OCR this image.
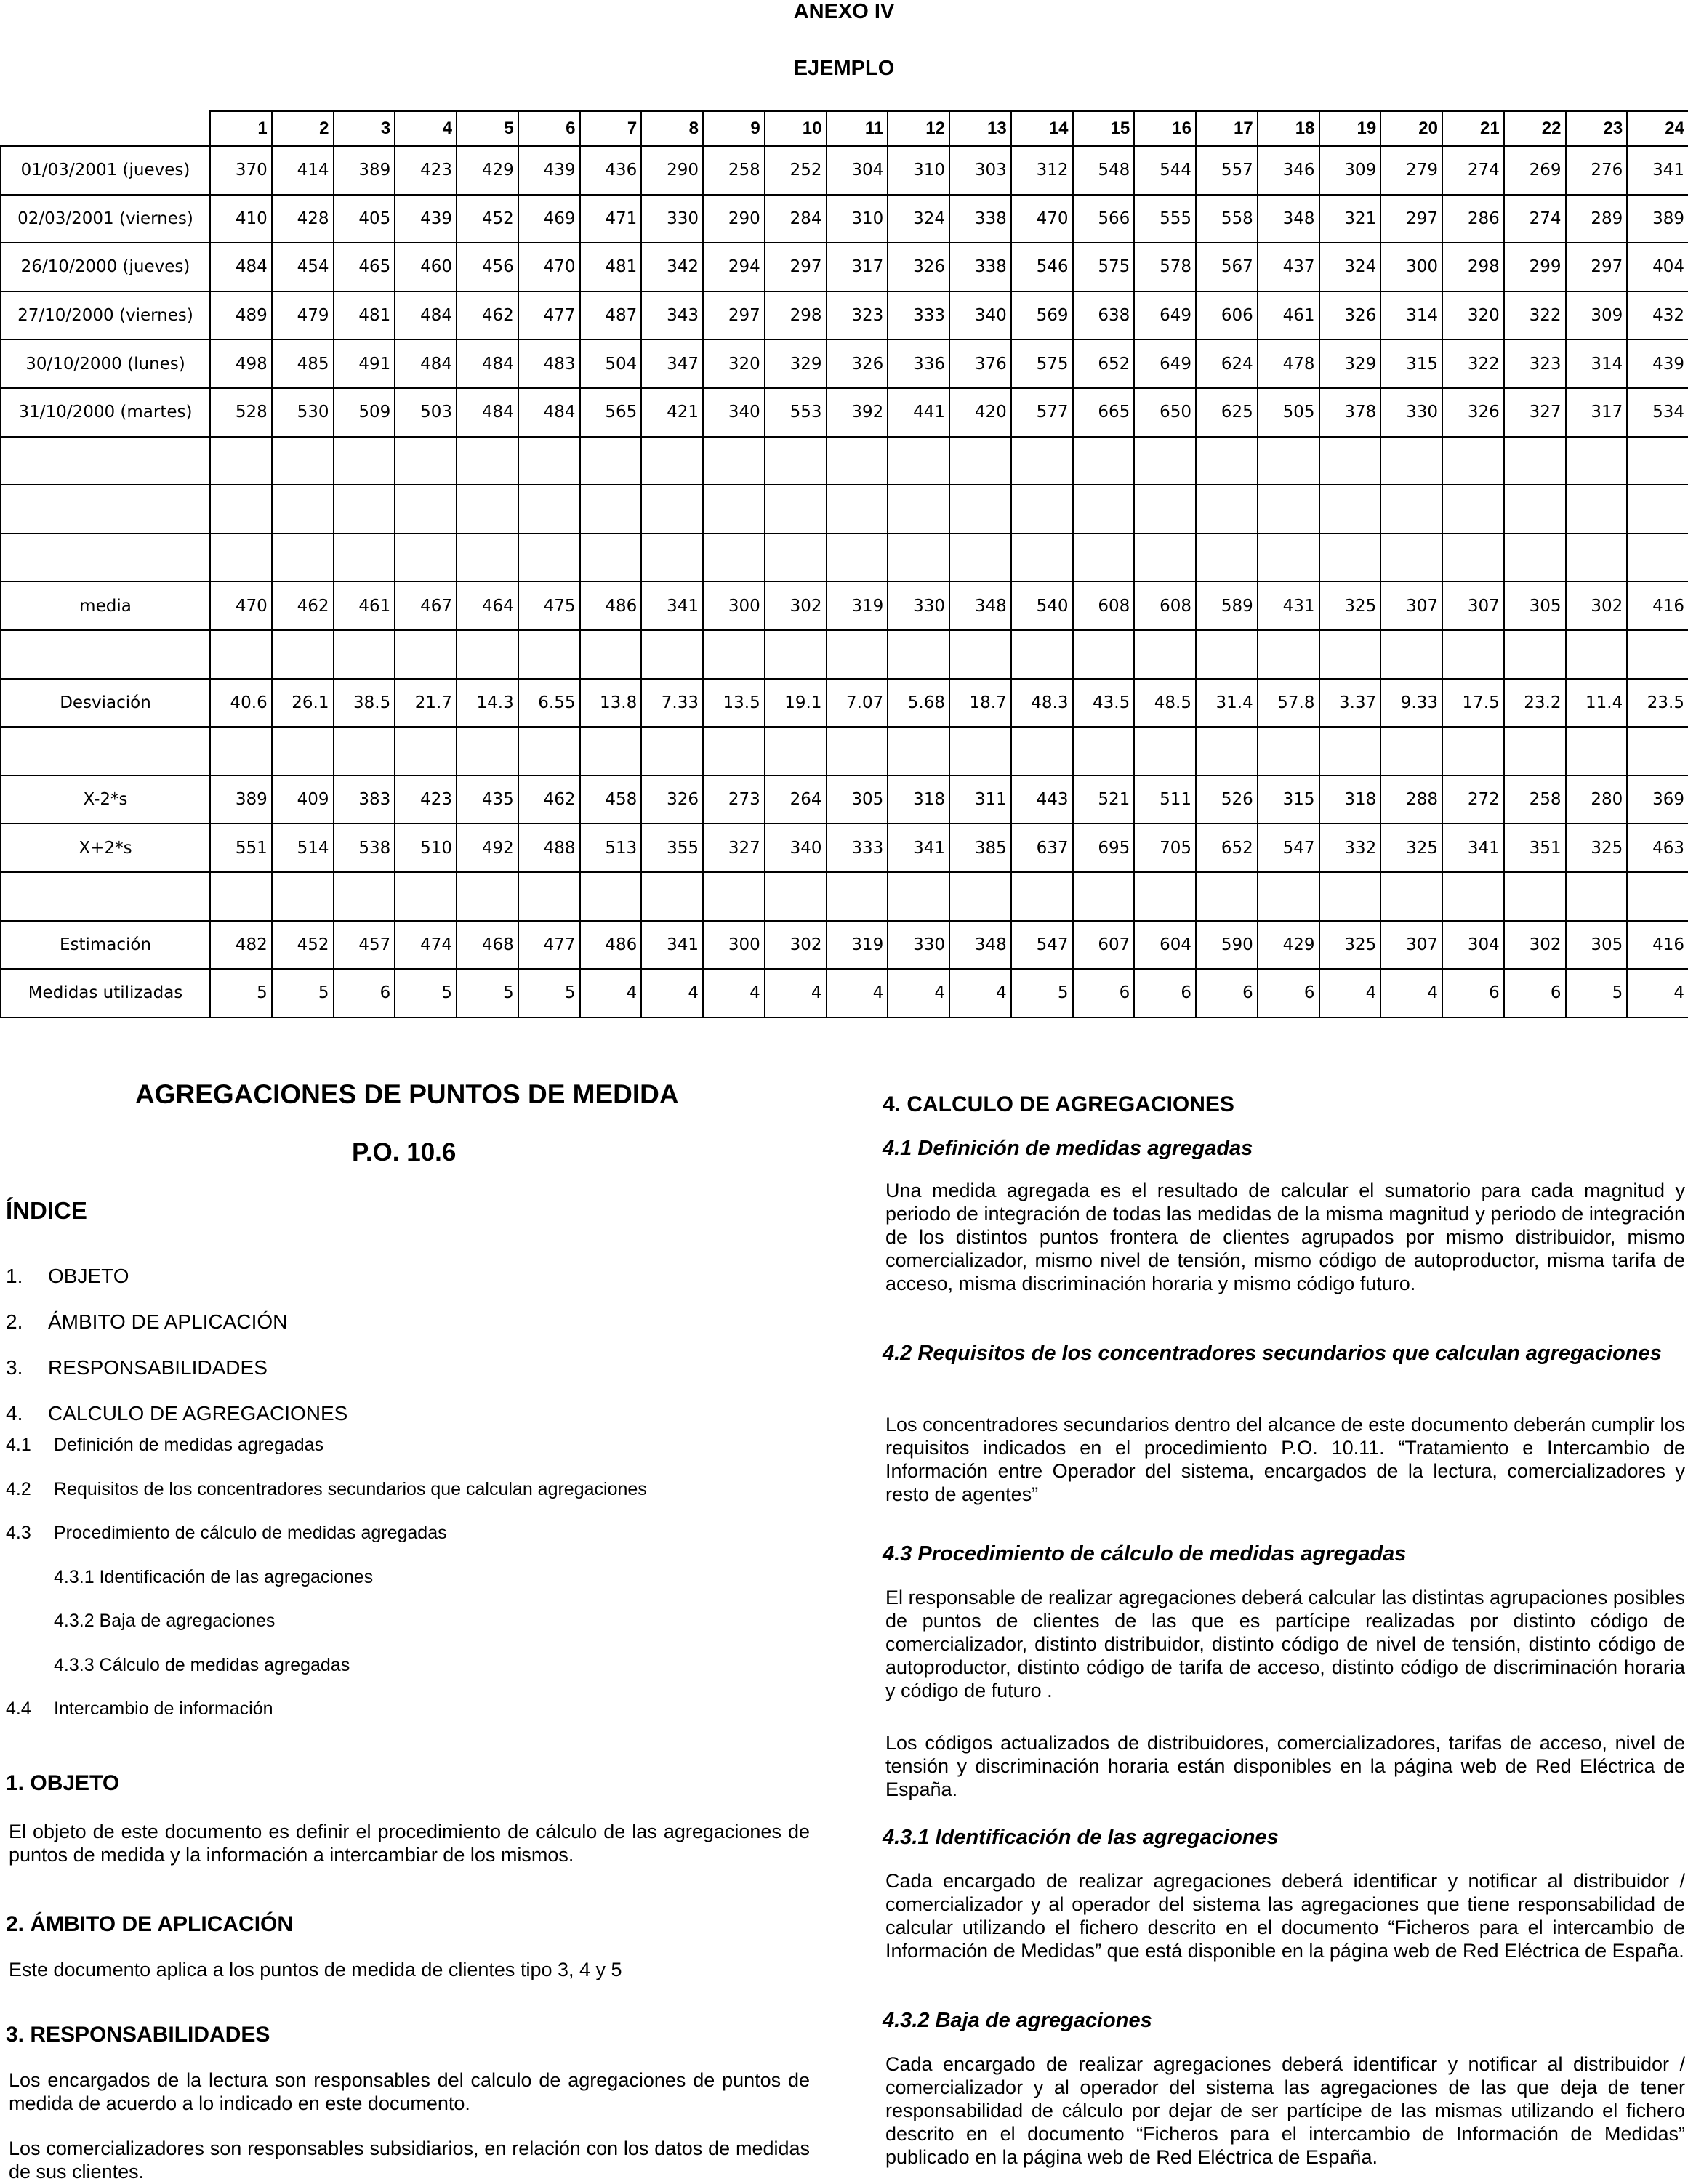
ANEXO IV
EJEMPLO
	1	2	3	4	5	6	7	8	9	10	11	12	13	14	15	16	17	18	19	20	21	22	23	24
01/03/2001 (jueves)	370	414	389	423	429	439	436	290	258	252	304	310	303	312	548	544	557	346	309	279	274	269	276	341
02/03/2001 (viernes)	410	428	405	439	452	469	471	330	290	284	310	324	338	470	566	555	558	348	321	297	286	274	289	389
26/10/2000 (jueves)	484	454	465	460	456	470	481	342	294	297	317	326	338	546	575	578	567	437	324	300	298	299	297	404
27/10/2000 (viernes)	489	479	481	484	462	477	487	343	297	298	323	333	340	569	638	649	606	461	326	314	320	322	309	432
30/10/2000 (lunes)	498	485	491	484	484	483	504	347	320	329	326	336	376	575	652	649	624	478	329	315	322	323	314	439
31/10/2000 (martes)	528	530	509	503	484	484	565	421	340	553	392	441	420	577	665	650	625	505	378	330	326	327	317	534

media	470	462	461	467	464	475	486	341	300	302	319	330	348	540	608	608	589	431	325	307	307	305	302	416

Desviación	40.6	26.1	38.5	21.7	14.3	6.55	13.8	7.33	13.5	19.1	7.07	5.68	18.7	48.3	43.5	48.5	31.4	57.8	3.37	9.33	17.5	23.2	11.4	23.5

X-2*s	389	409	383	423	435	462	458	326	273	264	305	318	311	443	521	511	526	315	318	288	272	258	280	369
X+2*s	551	514	538	510	492	488	513	355	327	340	333	341	385	637	695	705	652	547	332	325	341	351	325	463

Estimación	482	452	457	474	468	477	486	341	300	302	319	330	348	547	607	604	590	429	325	307	304	302	305	416
Medidas utilizadas	5	5	6	5	5	5	4	4	4	4	4	4	4	5	6	6	6	6	4	4	6	6	5	4
AGREGACIONES DE PUNTOS DE MEDIDA
P.O. 10.6
ÍNDICE
1. OBJETO
2. ÁMBITO DE APLICACIÓN
3. RESPONSABILIDADES
4. CALCULO DE AGREGACIONES
4.1 Definición de medidas agregadas
4.2 Requisitos de los concentradores secundarios que calculan agregaciones
4.3 Procedimiento de cálculo de medidas agregadas
4.3.1 Identificación de las agregaciones
4.3.2 Baja de agregaciones
4.3.3 Cálculo de medidas agregadas
4.4 Intercambio de información
1. OBJETO
El objeto de este documento es definir el procedimiento de cálculo de las agregaciones de puntos de medida y la información a intercambiar de los mismos.
2. ÁMBITO DE APLICACIÓN
Este documento aplica a los puntos de medida de clientes tipo 3, 4 y 5
3. RESPONSABILIDADES
Los encargados de la lectura son responsables del calculo de agregaciones de puntos de medida de acuerdo a lo indicado en este documento.
Los comercializadores son responsables subsidiarios, en relación con los datos de medidas de sus clientes.
4. CALCULO DE AGREGACIONES
4.1 Definición de medidas agregadas
Una medida agregada es el resultado de calcular el sumatorio para cada magnitud y periodo de integración de todas las medidas de la misma magnitud y periodo de integración de los distintos puntos frontera de clientes agrupados por mismo distribuidor, mismo comercializador, mismo nivel de tensión, mismo código de autoproductor, misma tarifa de acceso, misma discriminación horaria y mismo código futuro.
4.2 Requisitos de los concentradores secundarios que calculan agregaciones
Los concentradores secundarios dentro del alcance de este documento deberán cumplir los requisitos indicados en el procedimiento P.O. 10.11. “Tratamiento e Intercambio de Información entre Operador del sistema, encargados de la lectura, comercializadores y resto de agentes”
4.3 Procedimiento de cálculo de medidas agregadas
El responsable de realizar agregaciones deberá calcular las distintas agrupaciones posibles de puntos de clientes de las que es partícipe realizadas por distinto código de comercializador, distinto distribuidor, distinto código de nivel de tensión, distinto código de autoproductor, distinto código de tarifa de acceso, distinto código de discriminación horaria y código de futuro .
Los códigos actualizados de distribuidores, comercializadores, tarifas de acceso, nivel de tensión y discriminación horaria están disponibles en la página web de Red Eléctrica de España.
4.3.1 Identificación de las agregaciones
Cada encargado de realizar agregaciones deberá identificar y notificar al distribuidor / comercializador y al operador del sistema las agregaciones que tiene responsabilidad de calcular utilizando el fichero descrito en el documento “Ficheros para el intercambio de Información de Medidas” que está disponible en la página web de Red Eléctrica de España.
4.3.2 Baja de agregaciones
Cada encargado de realizar agregaciones deberá identificar y notificar al distribuidor / comercializador y al operador del sistema las agregaciones de las que deja de tener responsabilidad de cálculo por dejar de ser partícipe de las mismas utilizando el fichero descrito en el documento “Ficheros para el intercambio de Información de Medidas” publicado en la página web de Red Eléctrica de España.
